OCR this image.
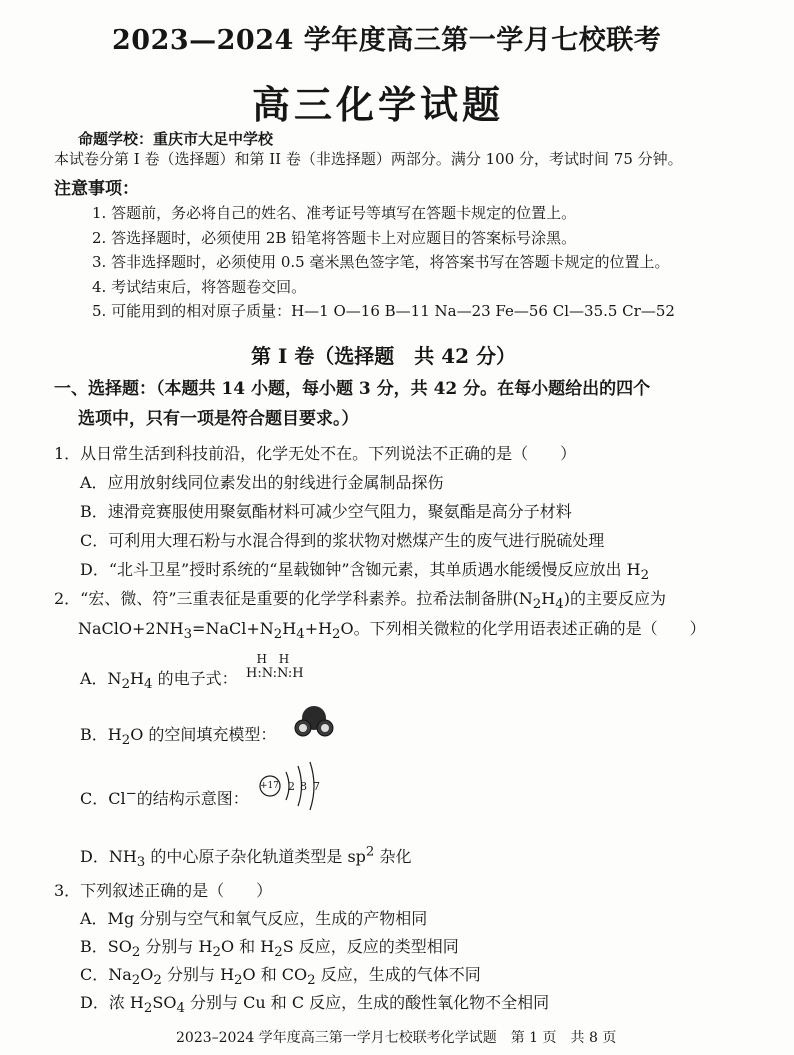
2023—2024 学年度高三第一学月七校联考
高三化学试题
命题学校：重庆市大足中学校
本试卷分第 I 卷（选择题）和第 II 卷（非选择题）两部分。满分 100 分，考试时间 75 分钟。
注意事项：
1. 答题前，务必将自己的姓名、准考证号等填写在答题卡规定的位置上。
2. 答选择题时，必须使用 2B 铅笔将答题卡上对应题目的答案标号涂黑。
3. 答非选择题时，必须使用 0.5 毫米黑色签字笔，将答案书写在答题卡规定的位置上。
4. 考试结束后，将答题卷交回。
5. 可能用到的相对原子质量：H—1 O—16 B—11 Na—23 Fe—56 Cl—35.5 Cr—52
第 I 卷（选择题　共 42 分）
一、选择题：（本题共 14 小题，每小题 3 分，共 42 分。在每小题给出的四个
选项中，只有一项是符合题目要求。）
1．从日常生活到科技前沿，化学无处不在。下列说法不正确的是（　　）
A．应用放射线同位素发出的射线进行金属制品探伤
B．速滑竞赛服使用聚氨酯材料可减少空气阻力，聚氨酯是高分子材料
C．可利用大理石粉与水混合得到的浆状物对燃煤产生的废气进行脱硫处理
D．“北斗卫星”授时系统的“星载铷钟”含铷元素，其单质遇水能缓慢反应放出 $H_2$
2．“宏、微、符”三重表征是重要的化学学科素养。拉希法制备肼$(N_2H_4)$的主要反应为
$NaClO+2NH_3=NaCl+N_2H_4+H_2O$。下列相关微粒的化学用语表述正确的是（　　）
A．$N_2H_4$ 的电子式：
H H
H:N:N:H
B．$H_2O$ 的空间填充模型：
C．Cl−的结构示意图：
+17 2 8 7
D．$NH_3$ 的中心原子杂化轨道类型是 $sp^2$ 杂化
3．下列叙述正确的是（　　）
A．Mg 分别与空气和氧气反应，生成的产物相同
B．$SO_2$ 分别与 $H_2O$ 和 $H_2S$ 反应，反应的类型相同
C．$Na_2O_2$ 分别与 $H_2O$ 和 $CO_2$ 反应，生成的气体不同
D．浓 $H_2SO_4$ 分别与 Cu 和 C 反应，生成的酸性氧化物不全相同
2023–2024 学年度高三第一学月七校联考化学试题　第 1 页　共 8 页
